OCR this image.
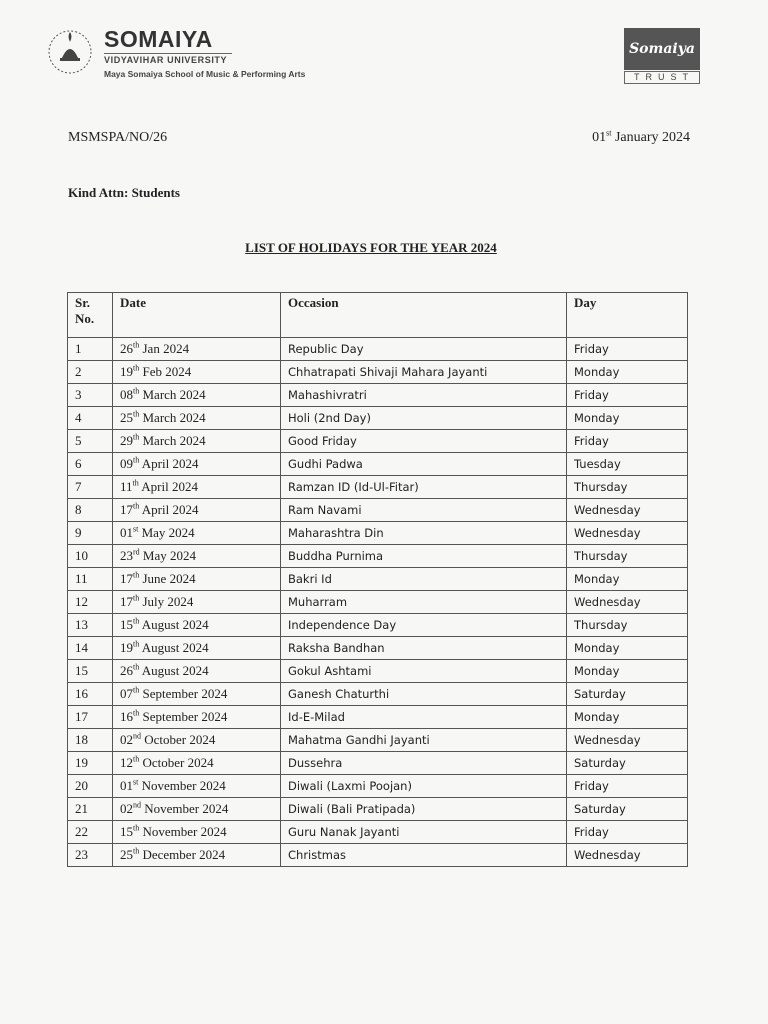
SOMAIYA
VIDYAVIHAR UNIVERSITY
Maya Somaiya School of Music & Performing Arts
Somaiya
TRUST
MSMSPA/NO/26	01st January 2024
Kind Attn: Students
LIST OF HOLIDAYS FOR THE YEAR 2024
Sr. No.	Date	Occasion	Day
1	26th Jan 2024	Republic Day	Friday
2	19th Feb 2024	Chhatrapati Shivaji Mahara Jayanti	Monday
3	08th March 2024	Mahashivratri	Friday
4	25th March 2024	Holi (2nd Day)	Monday
5	29th March 2024	Good Friday	Friday
6	09th April 2024	Gudhi Padwa	Tuesday
7	11th April 2024	Ramzan ID (Id-Ul-Fitar)	Thursday
8	17th April 2024	Ram Navami	Wednesday
9	01st May 2024	Maharashtra Din	Wednesday
10	23rd May 2024	Buddha Purnima	Thursday
11	17th June 2024	Bakri Id	Monday
12	17th July 2024	Muharram	Wednesday
13	15th August 2024	Independence Day	Thursday
14	19th August 2024	Raksha Bandhan	Monday
15	26th August 2024	Gokul Ashtami	Monday
16	07th September 2024	Ganesh Chaturthi	Saturday
17	16th September 2024	Id-E-Milad	Monday
18	02nd October 2024	Mahatma Gandhi Jayanti	Wednesday
19	12th October 2024	Dussehra	Saturday
20	01st November 2024	Diwali (Laxmi Poojan)	Friday
21	02nd November 2024	Diwali (Bali Pratipada)	Saturday
22	15th November 2024	Guru Nanak Jayanti	Friday
23	25th December 2024	Christmas	Wednesday
